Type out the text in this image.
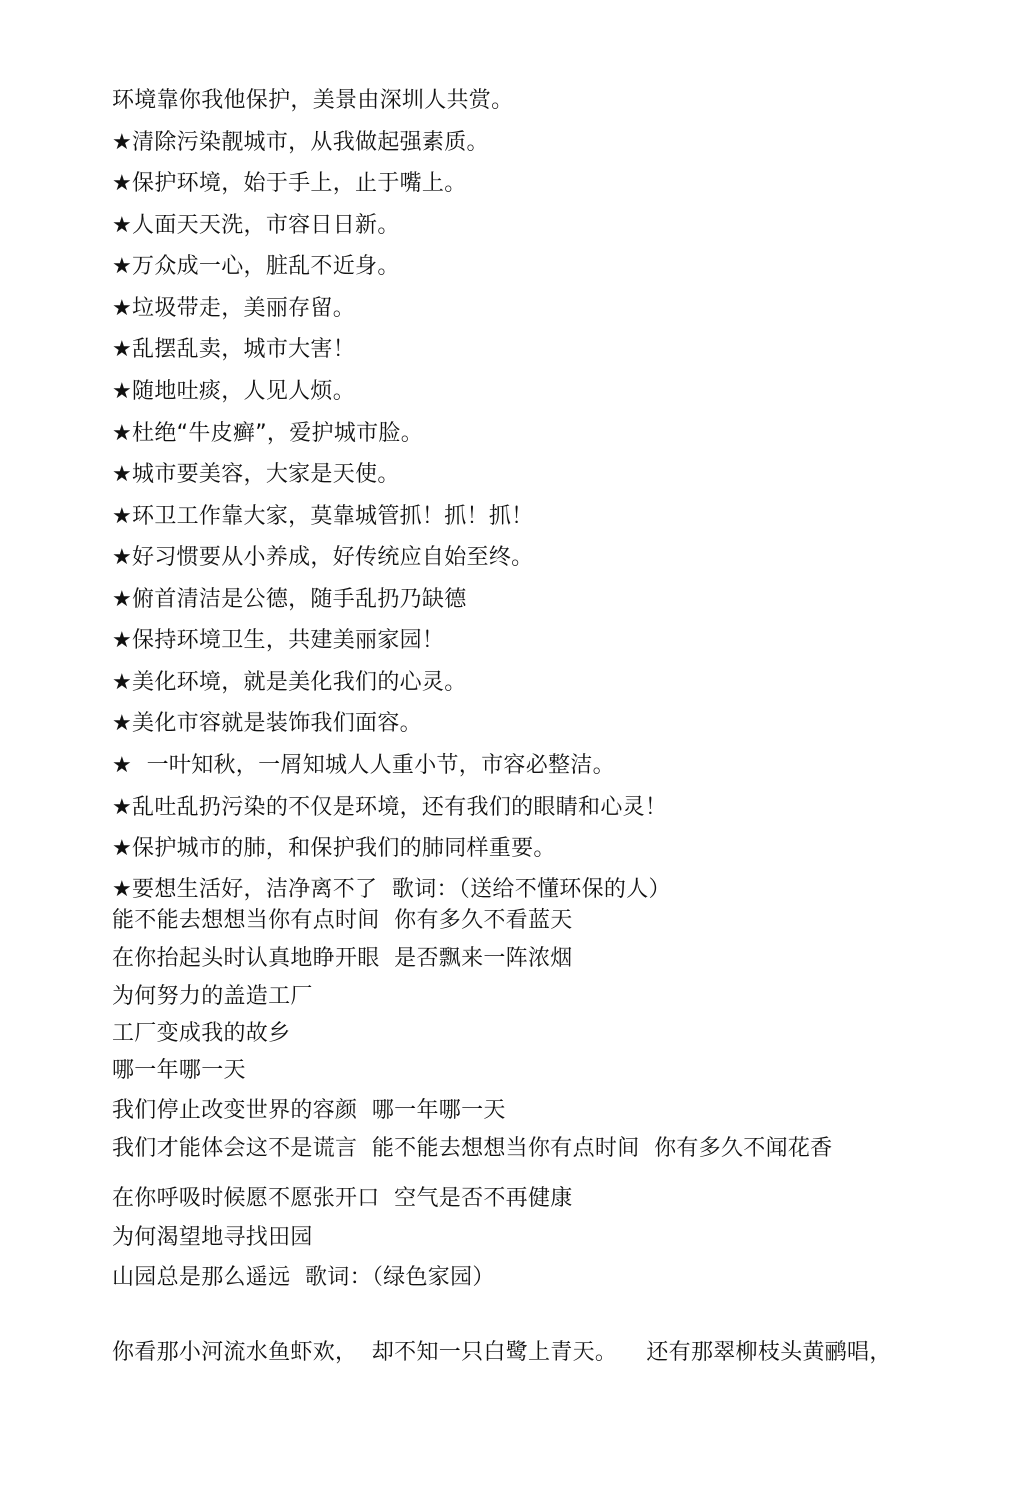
环境靠你我他保护，美景由深圳人共赏。
★清除污染靓城市，从我做起强素质。
★保护环境，始于手上，止于嘴上。
★人面天天洗，市容日日新。
★万众成一心，脏乱不近身。
★垃圾带走，美丽存留。
★乱摆乱卖，城市大害！
★随地吐痰，人见人烦。
★杜绝“牛皮癣”，爱护城市脸。
★城市要美容，大家是天使。
★环卫工作靠大家，莫靠城管抓！抓！抓！
★好习惯要从小养成，好传统应自始至终。
★俯首清洁是公德，随手乱扔乃缺德
★保持环境卫生，共建美丽家园！
★美化环境，就是美化我们的心灵。
★美化市容就是装饰我们面容。
★  一叶知秋，一屑知城人人重小节，市容必整洁。
★乱吐乱扔污染的不仅是环境，还有我们的眼睛和心灵！
★保护城市的肺，和保护我们的肺同样重要。
★要想生活好，洁净离不了  歌词：（送给不懂环保的人）
能不能去想想当你有点时间  你有多久不看蓝天
在你抬起头时认真地睁开眼  是否飘来一阵浓烟
为何努力的盖造工厂
工厂变成我的故乡
哪一年哪一天
我们停止改变世界的容颜  哪一年哪一天
我们才能体会这不是谎言  能不能去想想当你有点时间  你有多久不闻花香
在你呼吸时候愿不愿张开口  空气是否不再健康
为何渴望地寻找田园
山园总是那么遥远  歌词：（绿色家园）
你看那小河流水鱼虾欢，  却不知一只白鹭上青天。    还有那翠柳枝头黄鹂唱，
